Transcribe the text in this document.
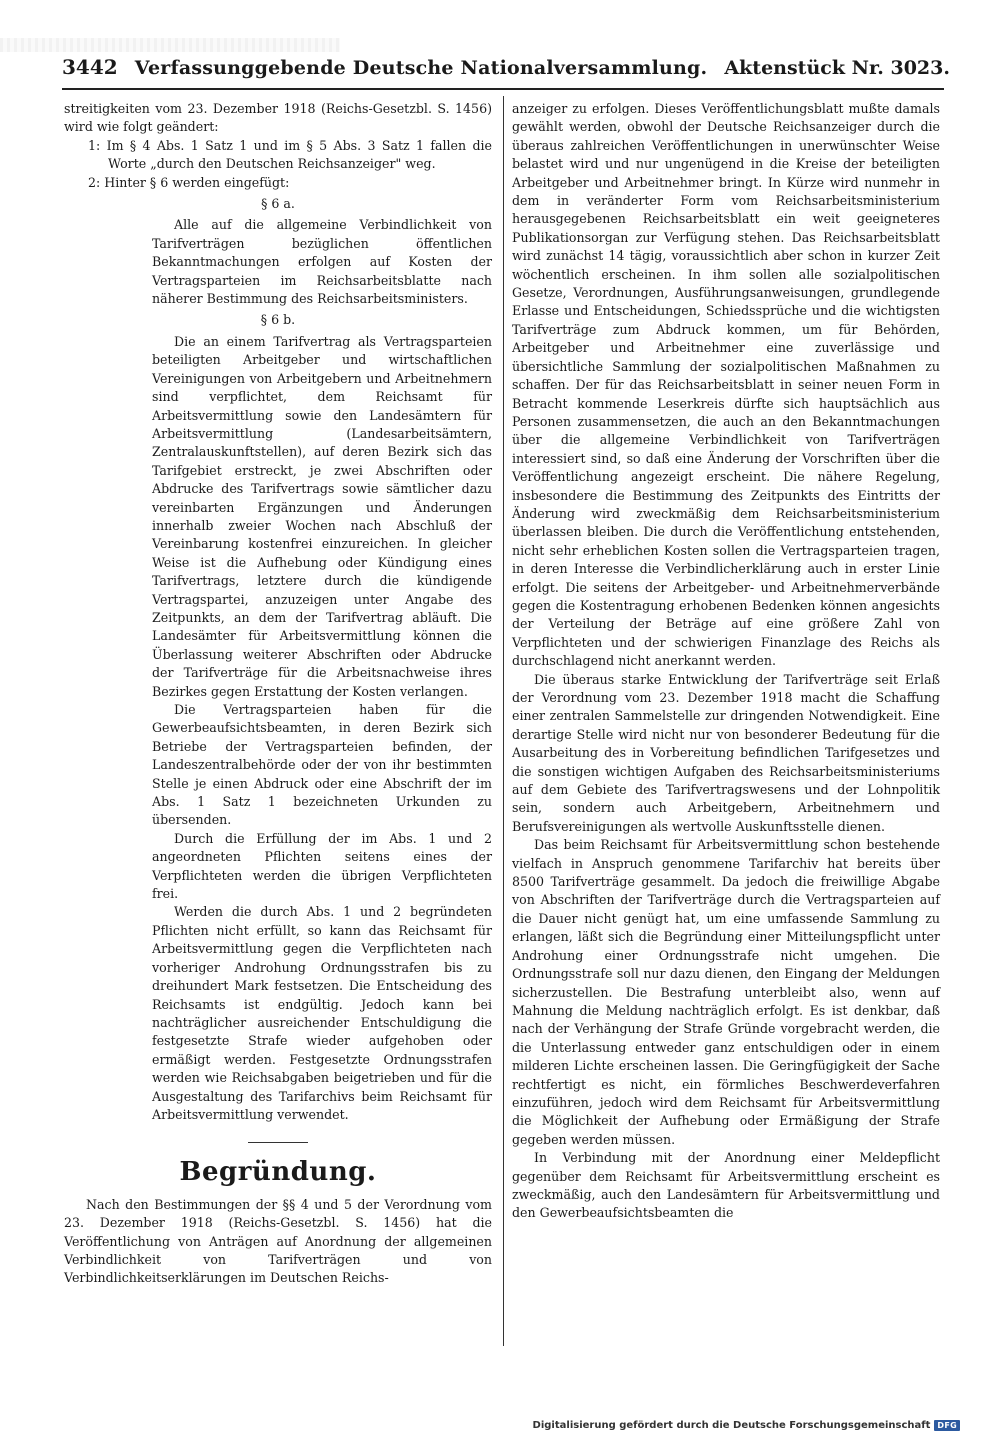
3442 Verfassunggebende Deutsche Nationalversammlung. Aktenstück Nr. 3023.

streitigkeiten vom 23. Dezember 1918 (Reichs-Gesetzbl. S. 1456) wird wie folgt geändert:

1: Im § 4 Abs. 1 Satz 1 und im § 5 Abs. 3 Satz 1 fallen die Worte „durch den Deutschen Reichsanzeiger" weg.

2: Hinter § 6 werden eingefügt:

§ 6 a.

Alle auf die allgemeine Verbindlichkeit von Tarifverträgen bezüglichen öffentlichen Bekanntmachungen erfolgen auf Kosten der Vertragsparteien im Reichsarbeitsblatte nach näherer Bestimmung des Reichsarbeitsministers.

§ 6 b.

Die an einem Tarifvertrag als Vertragsparteien beteiligten Arbeitgeber und wirtschaftlichen Vereinigungen von Arbeitgebern und Arbeitnehmern sind verpflichtet, dem Reichsamt für Arbeitsvermittlung sowie den Landesämtern für Arbeitsvermittlung (Landesarbeitsämtern, Zentralauskunftstellen), auf deren Bezirk sich das Tarifgebiet erstreckt, je zwei Abschriften oder Abdrucke des Tarifvertrags sowie sämtlicher dazu vereinbarten Ergänzungen und Änderungen innerhalb zweier Wochen nach Abschluß der Vereinbarung kostenfrei einzureichen. In gleicher Weise ist die Aufhebung oder Kündigung eines Tarifvertrags, letztere durch die kündigende Vertragspartei, anzuzeigen unter Angabe des Zeitpunkts, an dem der Tarifvertrag abläuft. Die Landesämter für Arbeitsvermittlung können die Überlassung weiterer Abschriften oder Abdrucke der Tarifverträge für die Arbeitsnachweise ihres Bezirkes gegen Erstattung der Kosten verlangen.

Die Vertragsparteien haben für die Gewerbeaufsichtsbeamten, in deren Bezirk sich Betriebe der Vertragsparteien befinden, der Landeszentralbehörde oder der von ihr bestimmten Stelle je einen Abdruck oder eine Abschrift der im Abs. 1 Satz 1 bezeichneten Urkunden zu übersenden.

Durch die Erfüllung der im Abs. 1 und 2 angeordneten Pflichten seitens eines der Verpflichteten werden die übrigen Verpflichteten frei.

Werden die durch Abs. 1 und 2 begründeten Pflichten nicht erfüllt, so kann das Reichsamt für Arbeitsvermittlung gegen die Verpflichteten nach vorheriger Androhung Ordnungsstrafen bis zu dreihundert Mark festsetzen. Die Entscheidung des Reichsamts ist endgültig. Jedoch kann bei nachträglicher ausreichender Entschuldigung die festgesetzte Strafe wieder aufgehoben oder ermäßigt werden. Festgesetzte Ordnungsstrafen werden wie Reichsabgaben beigetrieben und für die Ausgestaltung des Tarifarchivs beim Reichsamt für Arbeitsvermittlung verwendet.

Begründung.

Nach den Bestimmungen der §§ 4 und 5 der Verordnung vom 23. Dezember 1918 (Reichs-Gesetzbl. S. 1456) hat die Veröffentlichung von Anträgen auf Anordnung der allgemeinen Verbindlichkeit von Tarifverträgen und von Verbindlichkeitserklärungen im Deutschen Reichs-

anzeiger zu erfolgen. Dieses Veröffentlichungsblatt mußte damals gewählt werden, obwohl der Deutsche Reichsanzeiger durch die überaus zahlreichen Veröffentlichungen in unerwünschter Weise belastet wird und nur ungenügend in die Kreise der beteiligten Arbeitgeber und Arbeitnehmer bringt. In Kürze wird nunmehr in dem in veränderter Form vom Reichsarbeitsministerium herausgegebenen Reichsarbeitsblatt ein weit geeigneteres Publikationsorgan zur Verfügung stehen. Das Reichsarbeitsblatt wird zunächst 14 tägig, voraussichtlich aber schon in kurzer Zeit wöchentlich erscheinen. In ihm sollen alle sozialpolitischen Gesetze, Verordnungen, Ausführungsanweisungen, grundlegende Erlasse und Entscheidungen, Schiedssprüche und die wichtigsten Tarifverträge zum Abdruck kommen, um für Behörden, Arbeitgeber und Arbeitnehmer eine zuverlässige und übersichtliche Sammlung der sozialpolitischen Maßnahmen zu schaffen. Der für das Reichsarbeitsblatt in seiner neuen Form in Betracht kommende Leserkreis dürfte sich hauptsächlich aus Personen zusammensetzen, die auch an den Bekanntmachungen über die allgemeine Verbindlichkeit von Tarifverträgen interessiert sind, so daß eine Änderung der Vorschriften über die Veröffentlichung angezeigt erscheint. Die nähere Regelung, insbesondere die Bestimmung des Zeitpunkts des Eintritts der Änderung wird zweckmäßig dem Reichsarbeitsministerium überlassen bleiben. Die durch die Veröffentlichung entstehenden, nicht sehr erheblichen Kosten sollen die Vertragsparteien tragen, in deren Interesse die Verbindlicherklärung auch in erster Linie erfolgt. Die seitens der Arbeitgeber- und Arbeitnehmerverbände gegen die Kostentragung erhobenen Bedenken können angesichts der Verteilung der Beträge auf eine größere Zahl von Verpflichteten und der schwierigen Finanzlage des Reichs als durchschlagend nicht anerkannt werden.

Die überaus starke Entwicklung der Tarifverträge seit Erlaß der Verordnung vom 23. Dezember 1918 macht die Schaffung einer zentralen Sammelstelle zur dringenden Notwendigkeit. Eine derartige Stelle wird nicht nur von besonderer Bedeutung für die Ausarbeitung des in Vorbereitung befindlichen Tarifgesetzes und die sonstigen wichtigen Aufgaben des Reichsarbeitsministeriums auf dem Gebiete des Tarifvertragswesens und der Lohnpolitik sein, sondern auch Arbeitgebern, Arbeitnehmern und Berufsvereinigungen als wertvolle Auskunftsstelle dienen.

Das beim Reichsamt für Arbeitsvermittlung schon bestehende vielfach in Anspruch genommene Tarifarchiv hat bereits über 8500 Tarifverträge gesammelt. Da jedoch die freiwillige Abgabe von Abschriften der Tarifverträge durch die Vertragsparteien auf die Dauer nicht genügt hat, um eine umfassende Sammlung zu erlangen, läßt sich die Begründung einer Mitteilungspflicht unter Androhung einer Ordnungsstrafe nicht umgehen. Die Ordnungsstrafe soll nur dazu dienen, den Eingang der Meldungen sicherzustellen. Die Bestrafung unterbleibt also, wenn auf Mahnung die Meldung nachträglich erfolgt. Es ist denkbar, daß nach der Verhängung der Strafe Gründe vorgebracht werden, die die Unterlassung entweder ganz entschuldigen oder in einem milderen Lichte erscheinen lassen. Die Geringfügigkeit der Sache rechtfertigt es nicht, ein förmliches Beschwerdeverfahren einzuführen, jedoch wird dem Reichsamt für Arbeitsvermittlung die Möglichkeit der Aufhebung oder Ermäßigung der Strafe gegeben werden müssen.

In Verbindung mit der Anordnung einer Meldepflicht gegenüber dem Reichsamt für Arbeitsvermittlung erscheint es zweckmäßig, auch den Landesämtern für Arbeitsvermittlung und den Gewerbeaufsichtsbeamten die

Digitalisierung gefördert durch die Deutsche Forschungsgemeinschaft DFG
